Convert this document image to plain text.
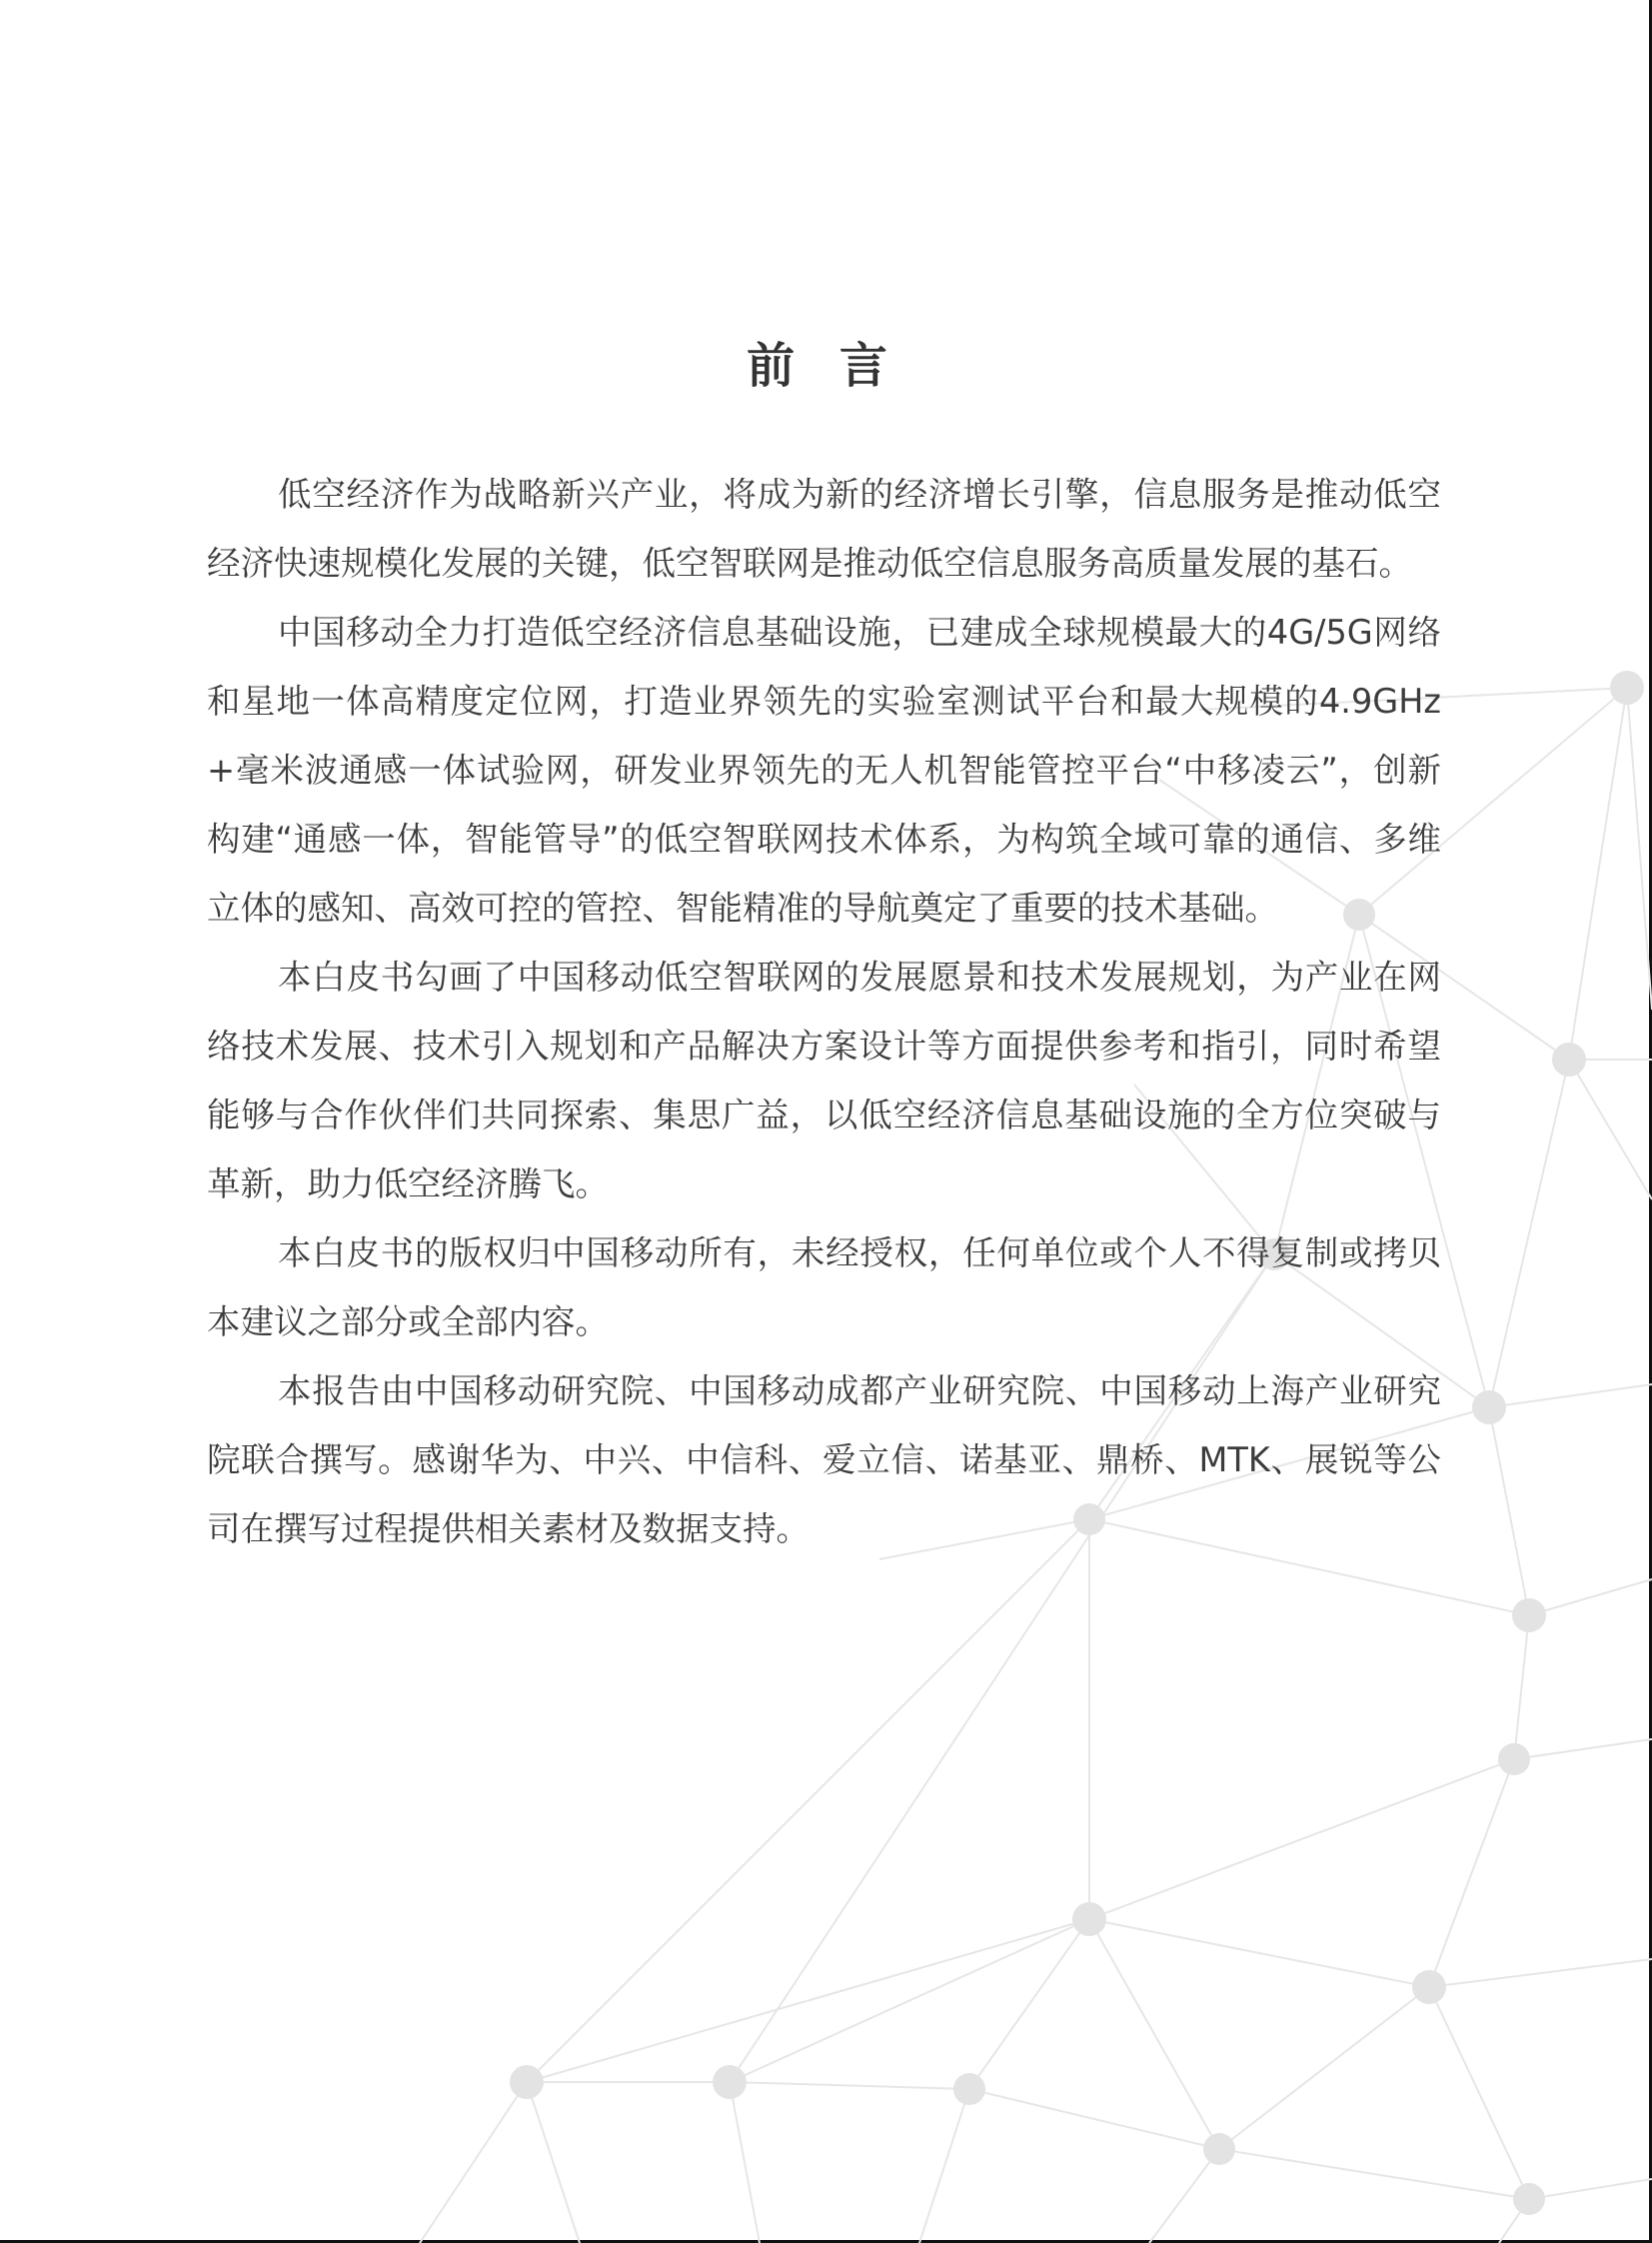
前 言

低空经济作为战略新兴产业，将成为新的经济增长引擎，信息服务是推动低空经济快速规模化发展的关键，低空智联网是推动低空信息服务高质量发展的基石。

中国移动全力打造低空经济信息基础设施，已建成全球规模最大的4G/5G网络和星地一体高精度定位网，打造业界领先的实验室测试平台和最大规模的4.9GHz+毫米波通感一体试验网，研发业界领先的无人机智能管控平台“中移凌云”，创新构建“通感一体，智能管导”的低空智联网技术体系，为构筑全域可靠的通信、多维立体的感知、高效可控的管控、智能精准的导航奠定了重要的技术基础。

本白皮书勾画了中国移动低空智联网的发展愿景和技术发展规划，为产业在网络技术发展、技术引入规划和产品解决方案设计等方面提供参考和指引，同时希望能够与合作伙伴们共同探索、集思广益，以低空经济信息基础设施的全方位突破与革新，助力低空经济腾飞。

本白皮书的版权归中国移动所有，未经授权，任何单位或个人不得复制或拷贝本建议之部分或全部内容。

本报告由中国移动研究院、中国移动成都产业研究院、中国移动上海产业研究院联合撰写。感谢华为、中兴、中信科、爱立信、诺基亚、鼎桥、MTK、展锐等公司在撰写过程提供相关素材及数据支持。
